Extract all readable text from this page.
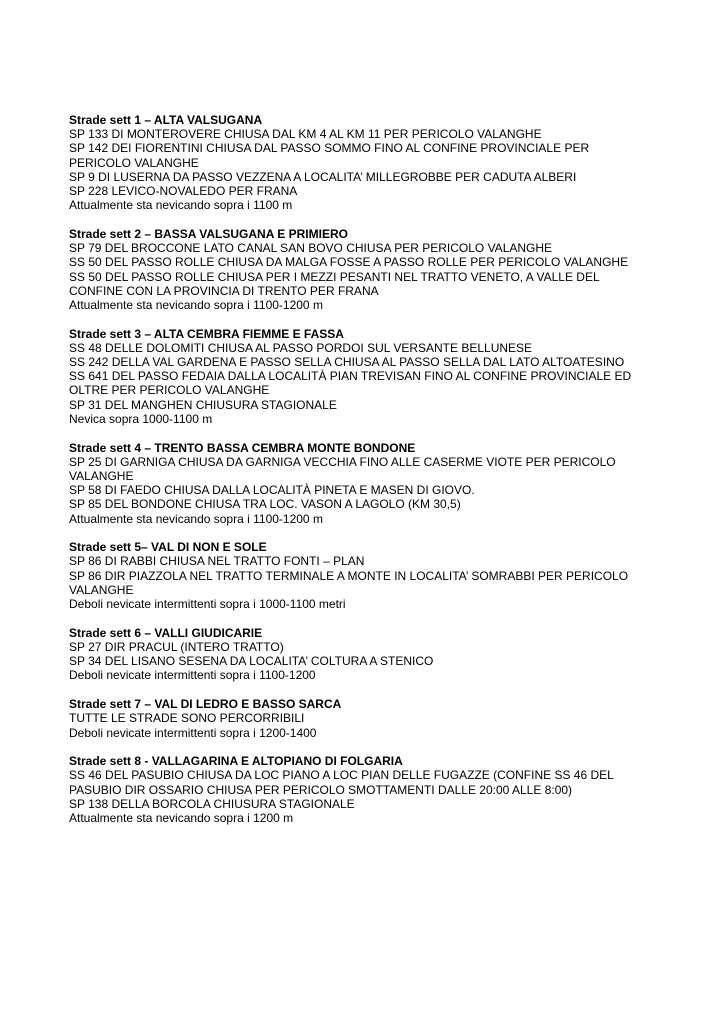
Strade sett 1 – ALTA VALSUGANA
SP 133 DI MONTEROVERE CHIUSA DAL KM 4 AL KM 11 PER PERICOLO VALANGHE
SP 142 DEI FIORENTINI CHIUSA DAL PASSO SOMMO FINO AL CONFINE PROVINCIALE PER
PERICOLO VALANGHE
SP 9 DI LUSERNA DA PASSO VEZZENA A LOCALITA’ MILLEGROBBE PER CADUTA ALBERI
SP 228 LEVICO-NOVALEDO PER FRANA
Attualmente sta nevicando sopra i 1100 m
Strade sett 2 – BASSA VALSUGANA E PRIMIERO
SP 79 DEL BROCCONE LATO CANAL SAN BOVO CHIUSA PER PERICOLO VALANGHE
SS 50 DEL PASSO ROLLE CHIUSA DA MALGA FOSSE A PASSO ROLLE PER PERICOLO VALANGHE
SS 50 DEL PASSO ROLLE CHIUSA PER I MEZZI PESANTI NEL TRATTO VENETO, A VALLE DEL
CONFINE CON LA PROVINCIA DI TRENTO PER FRANA
Attualmente sta nevicando sopra i 1100-1200 m
Strade sett 3 – ALTA CEMBRA FIEMME E FASSA
SS 48 DELLE DOLOMITI CHIUSA AL PASSO PORDOI SUL VERSANTE BELLUNESE
SS 242 DELLA VAL GARDENA E PASSO SELLA CHIUSA AL PASSO SELLA DAL LATO ALTOATESINO
SS 641 DEL PASSO FEDAIA DALLA LOCALITÀ PIAN TREVISAN FINO AL CONFINE PROVINCIALE ED
OLTRE PER PERICOLO VALANGHE
SP 31 DEL MANGHEN CHIUSURA STAGIONALE
Nevica sopra 1000-1100 m
Strade sett 4 – TRENTO BASSA CEMBRA MONTE BONDONE
SP 25 DI GARNIGA CHIUSA DA GARNIGA VECCHIA FINO ALLE CASERME VIOTE PER PERICOLO
VALANGHE
SP 58 DI FAEDO CHIUSA DALLA LOCALITÀ PINETA E MASEN DI GIOVO.
SP 85 DEL BONDONE CHIUSA TRA LOC. VASON A LAGOLO (KM 30,5)
Attualmente sta nevicando sopra i 1100-1200 m
Strade sett 5– VAL DI NON E SOLE
SP 86 DI RABBI CHIUSA NEL TRATTO FONTI – PLAN
SP 86 DIR PIAZZOLA NEL TRATTO TERMINALE A MONTE IN LOCALITA’ SOMRABBI PER PERICOLO
VALANGHE
Deboli nevicate intermittenti sopra i 1000-1100 metri
Strade sett 6 – VALLI GIUDICARIE
SP 27 DIR PRACUL (INTERO TRATTO)
SP 34 DEL LISANO SESENA DA LOCALITA’ COLTURA A STENICO
Deboli nevicate intermittenti sopra i 1100-1200
Strade sett 7 – VAL DI LEDRO E BASSO SARCA
TUTTE LE STRADE SONO PERCORRIBILI
Deboli nevicate intermittenti sopra i 1200-1400
Strade sett 8 - VALLAGARINA E ALTOPIANO DI FOLGARIA
SS 46 DEL PASUBIO CHIUSA DA LOC PIANO A LOC PIAN DELLE FUGAZZE (CONFINE SS 46 DEL
PASUBIO DIR OSSARIO CHIUSA PER PERICOLO SMOTTAMENTI DALLE 20:00 ALLE 8:00)
SP 138 DELLA BORCOLA CHIUSURA STAGIONALE
Attualmente sta nevicando sopra i 1200 m
